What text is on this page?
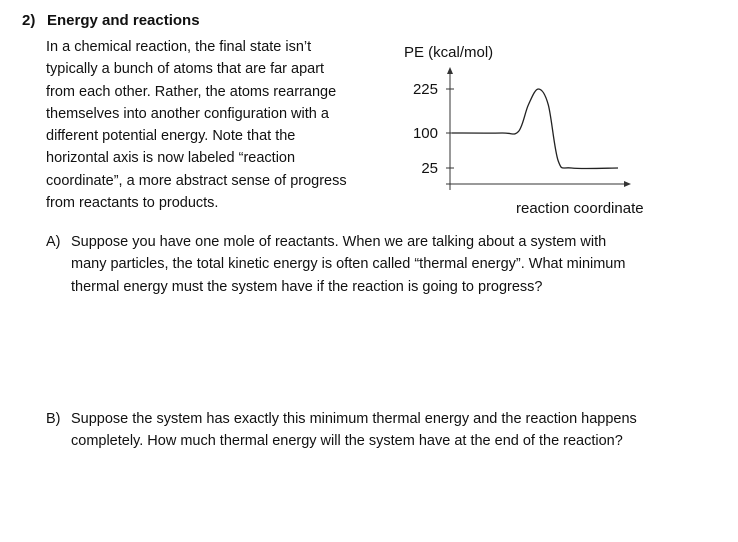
2) Energy and reactions
In a chemical reaction, the final state isn’t
typically a bunch of atoms that are far apart
from each other. Rather, the atoms rearrange
themselves into another configuration with a
different potential energy. Note that the
horizontal axis is now labeled “reaction
coordinate”, a more abstract sense of progress
from reactants to products.
PE (kcal/mol)
225
100
25
reaction coordinate
A) Suppose you have one mole of reactants. When we are talking about a system with
many particles, the total kinetic energy is often called “thermal energy”. What minimum
thermal energy must the system have if the reaction is going to progress?
B) Suppose the system has exactly this minimum thermal energy and the reaction happens
completely. How much thermal energy will the system have at the end of the reaction?
